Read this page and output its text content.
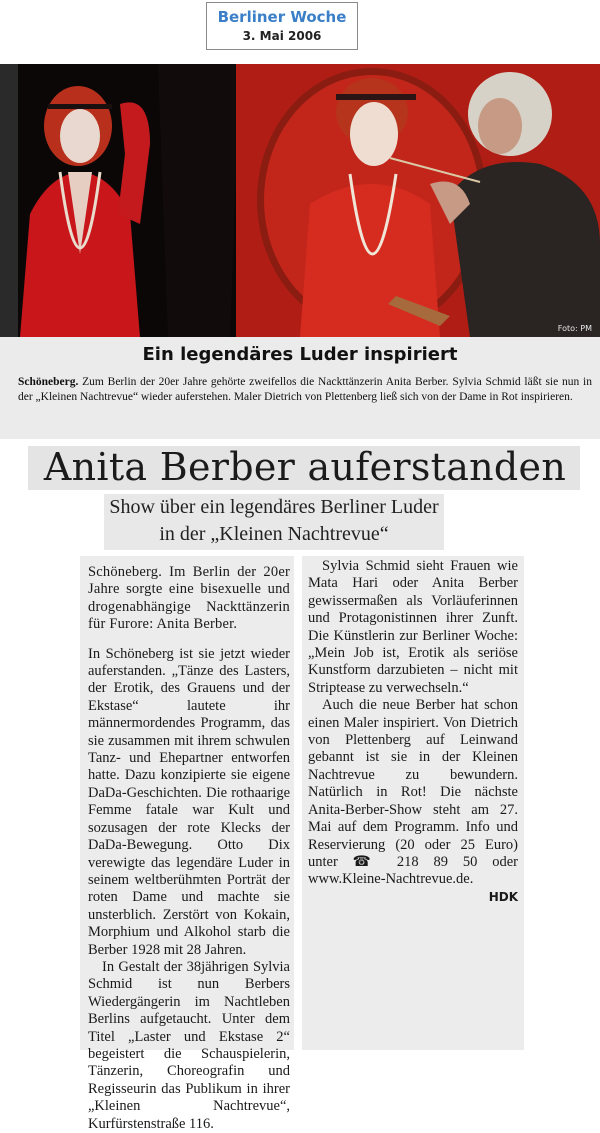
Berliner Woche
3. Mai 2006
Foto: PM
Ein legendäres Luder inspiriert

Schöneberg. Zum Berlin der 20er Jahre gehörte zweifellos die Nackttänzerin Anita Berber. Sylvia Schmid läßt sie nun in der „Kleinen Nachtrevue“ wieder auferstehen. Maler Dietrich von Plettenberg ließ sich von der Dame in Rot inspirieren.

Anita Berber auferstanden
Show über ein legendäres Berliner Luder
in der „Kleinen Nachtrevue“

Schöneberg. Im Berlin der 20er Jahre sorgte eine bisexuelle und drogenabhängige Nackttänzerin für Furore: Anita Berber.

In Schöneberg ist sie jetzt wieder auferstanden. „Tänze des Lasters, der Erotik, des Grauens und der Ekstase“ lautete ihr männermordendes Programm, das sie zusammen mit ihrem schwulen Tanz- und Ehepartner entworfen hatte. Dazu konzipierte sie eigene DaDa-Geschichten. Die rothaarige Femme fatale war Kult und sozusagen der rote Klecks der DaDa-Bewegung. Otto Dix verewigte das legendäre Luder in seinem weltberühmten Porträt der roten Dame und machte sie unsterblich. Zerstört von Kokain, Morphium und Alkohol starb die Berber 1928 mit 28 Jahren.

In Gestalt der 38jährigen Sylvia Schmid ist nun Berbers Wiedergängerin im Nachtleben Berlins aufgetaucht. Unter dem Titel „Laster und Ekstase 2“ begeistert die Schauspielerin, Tänzerin, Choreografin und Regisseurin das Publikum in ihrer „Kleinen Nachtrevue“, Kurfürstenstraße 116.

Sylvia Schmid sieht Frauen wie Mata Hari oder Anita Berber gewissermaßen als Vorläuferinnen und Protagonistinnen ihrer Zunft. Die Künstlerin zur Berliner Woche: „Mein Job ist, Erotik als seriöse Kunstform darzubieten – nicht mit Striptease zu verwechseln.“

Auch die neue Berber hat schon einen Maler inspiriert. Von Dietrich von Plettenberg auf Leinwand gebannt ist sie in der Kleinen Nachtrevue zu bewundern. Natürlich in Rot! Die nächste Anita-Berber-Show steht am 27. Mai auf dem Programm. Info und Reservierung (20 oder 25 Euro) unter ☎ 218 89 50 oder www.Kleine-Nachtrevue.de.

HDK
